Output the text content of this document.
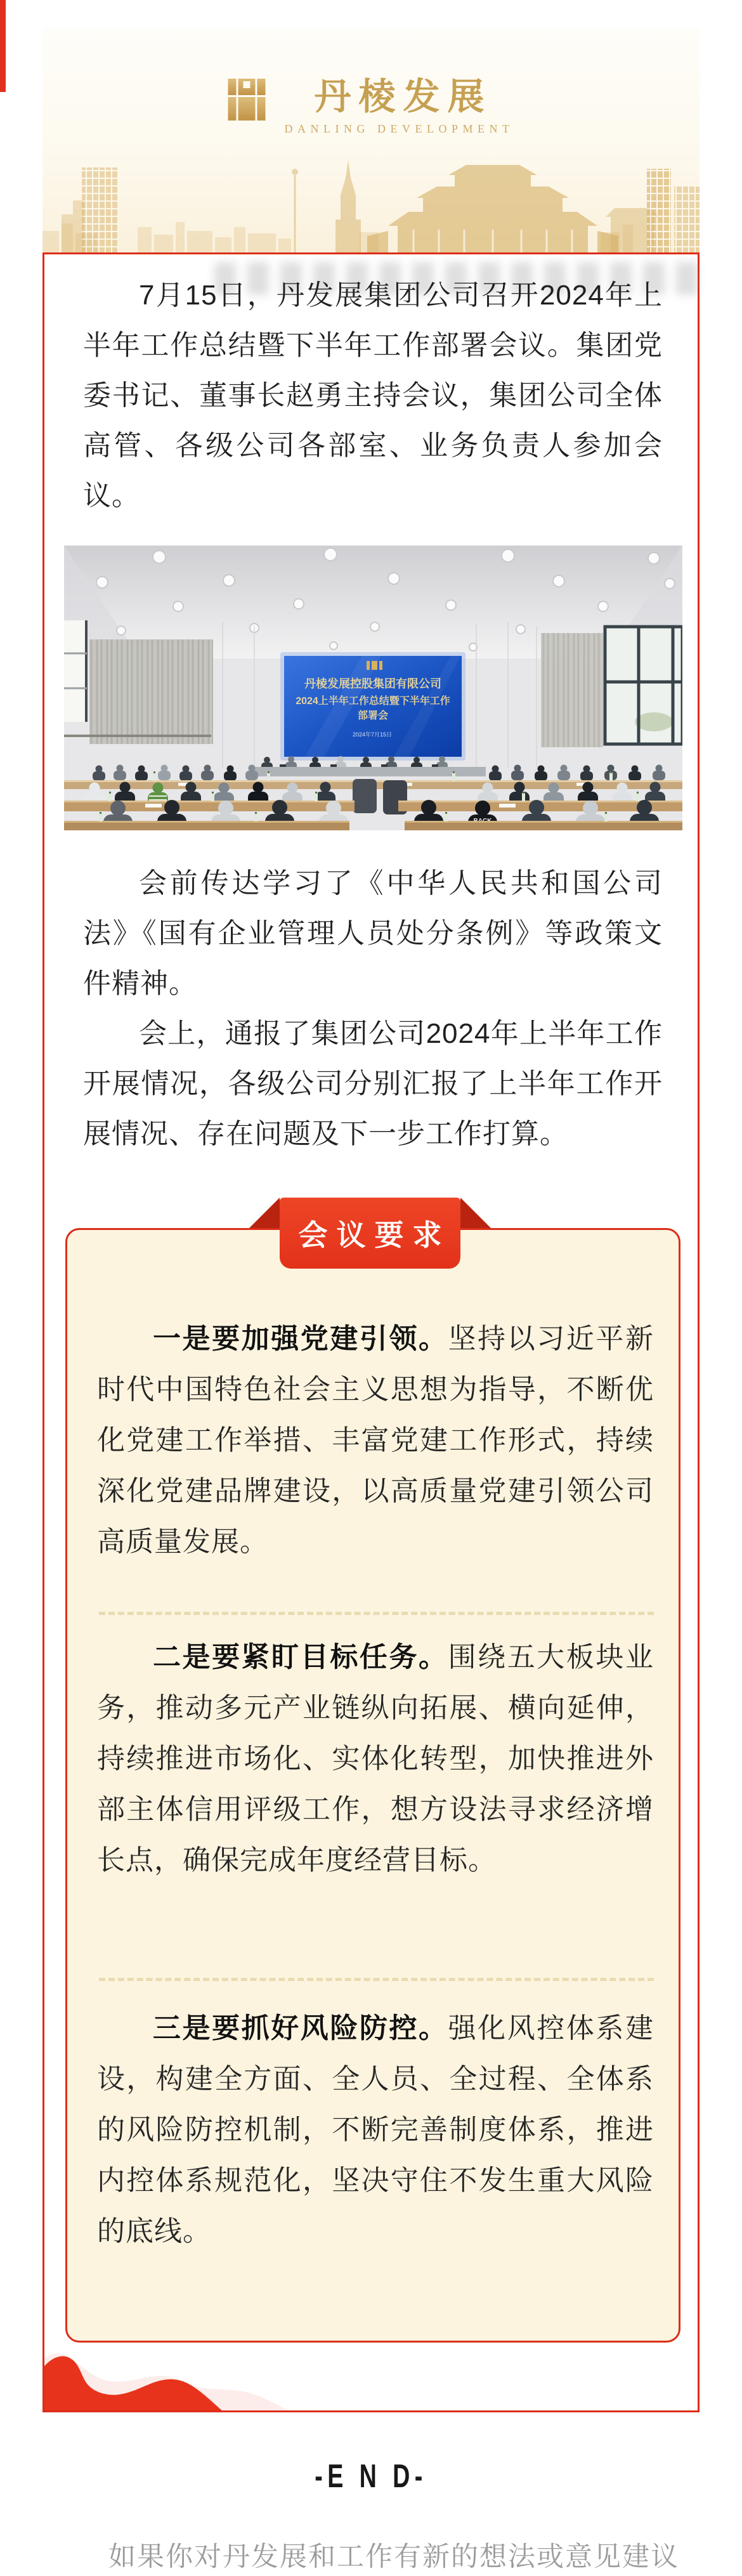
丹棱发展
DANLING DEVELOPMENT

7月15日，丹发展集团公司召开2024年上半年工作总结暨下半年工作部署会议。集团党委书记、董事长赵勇主持会议，集团公司全体高管、各级公司各部室、业务负责人参加会议。

丹棱发展控股集团有限公司
2024上半年工作总结暨下半年工作
部署会
2024年7月15日

会前传达学习了《中华人民共和国公司法》《国有企业管理人员处分条例》等政策文件精神。

会上，通报了集团公司2024年上半年工作开展情况，各级公司分别汇报了上半年工作开展情况、存在问题及下一步工作打算。

会议要求

一是要加强党建引领。坚持以习近平新时代中国特色社会主义思想为指导，不断优化党建工作举措、丰富党建工作形式，持续深化党建品牌建设，以高质量党建引领公司高质量发展。

二是要紧盯目标任务。围绕五大板块业务，推动多元产业链纵向拓展、横向延伸，持续推进市场化、实体化转型，加快推进外部主体信用评级工作，想方设法寻求经济增长点，确保完成年度经营目标。

三是要抓好风险防控。强化风控体系建设，构建全方面、全人员、全过程、全体系的风险防控机制，不断完善制度体系，推进内控体系规范化，坚决守住不发生重大风险的底线。

-E N D-

如果你对丹发展和工作有新的想法或意见建议
